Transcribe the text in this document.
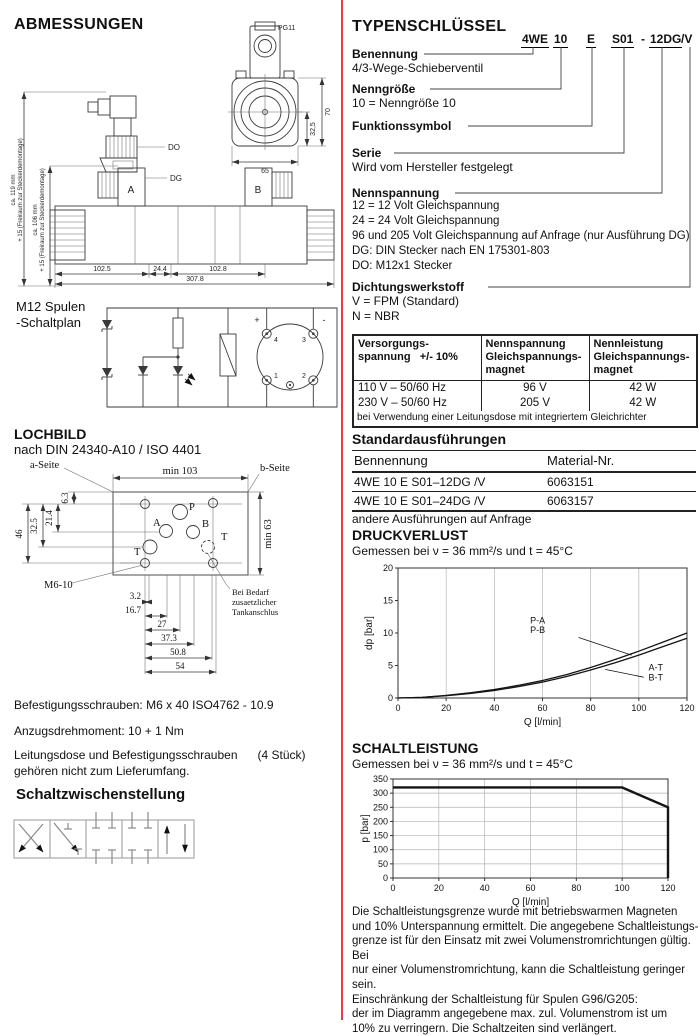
ABMESSUNGEN	PG11
65
70
32,5
A	B
DG
DO
ca. 119 mm + 15 (Freiraum zur Steckerdemontage) ca. 106 mm + 15 (Freiraum zur Steckerdemontage)	102.5	24.4	102.8
307.8
M12 Spulen
-Schaltplan
4	3
1	2
+	-
LOCHBILD
nach DIN 24340-A10 / ISO 4401
a-Seite
min 103	b-Seite
min 63
P
A	B
T
T
6.3
21.4
32.5
46
M6-10
3.2
16.7
27
37.3
50.8
54
Bei Bedarf
zusaetzlicher
Tankanschlus
Befestigungsschrauben: M6 x 40 ISO4762 - 10.9
Anzugsdrehmoment: 10 + 1 Nm
Leitungsdose und Befestigungsschrauben      (4 Stück)
gehören nicht zum Lieferumfang.
Schaltzwischenstellung
TYPENSCHLÜSSEL
4WE 10 E S01 - 12DG /V
Benennung
4/3-Wege-Schieberventil
Nenngröße
10 = Nenngröße 10
Funktionssymbol
Serie
Wird vom Hersteller festgelegt
Nennspannung
12 = 12 Volt Gleichspannung
24 = 24 Volt Gleichspannung
96 und 205 Volt Gleichspannung auf Anfrage (nur Ausführung DG)
DG: DIN Stecker nach EN 175301-803
DO: M12x1 Stecker
Dichtungswerkstoff
V = FPM (Standard)
N = NBR
Versorgungs-
spannung   +/- 10%

Nennspannung
Gleichspannungs-
magnet

Nennleistung
Gleichspannungs-
magnet

110 V – 50/60 Hz	96 V	42 W
230 V – 50/60 Hz	205 V	42 W
bei Verwendung einer Leitungsdose mit integriertem Gleichrichter		
Standardausführungen
Bennennung	Material-Nr.
4WE 10 E S01–12DG /V	6063151
4WE 10 E S01–24DG /V	6063157
andere Ausführungen auf Anfrage
DRUCKVERLUST
Gemessen bei ν = 36 mm²/s und t = 45°C
P-A
P-B
A-T
B-T
0	20	40	60	80	100	120
0
5
10
15
20
Q [l/min]
dp [bar]
SCHALTLEISTUNG
Gemessen bei ν = 36 mm²/s und t = 45°C
0	20	40	60	80	100	120
0
50
100
150
200
250
300
350
Q [l/min]
p [bar]
Die Schaltleistungsgrenze wurde mit betriebswarmen Magneten
und 10% Unterspannung ermittelt. Die angegebene Schaltleistungs-
grenze ist für den Einsatz mit zwei Volumenstromrichtungen gültig. Bei
nur einer Volumenstromrichtung, kann die Schaltleistung geringer sein.
Einschränkung der Schaltleistung für Spulen G96/G205:
der im Diagramm angegebene max. zul. Volumenstrom ist um
10% zu verringern. Die Schaltzeiten sind verlängert.
